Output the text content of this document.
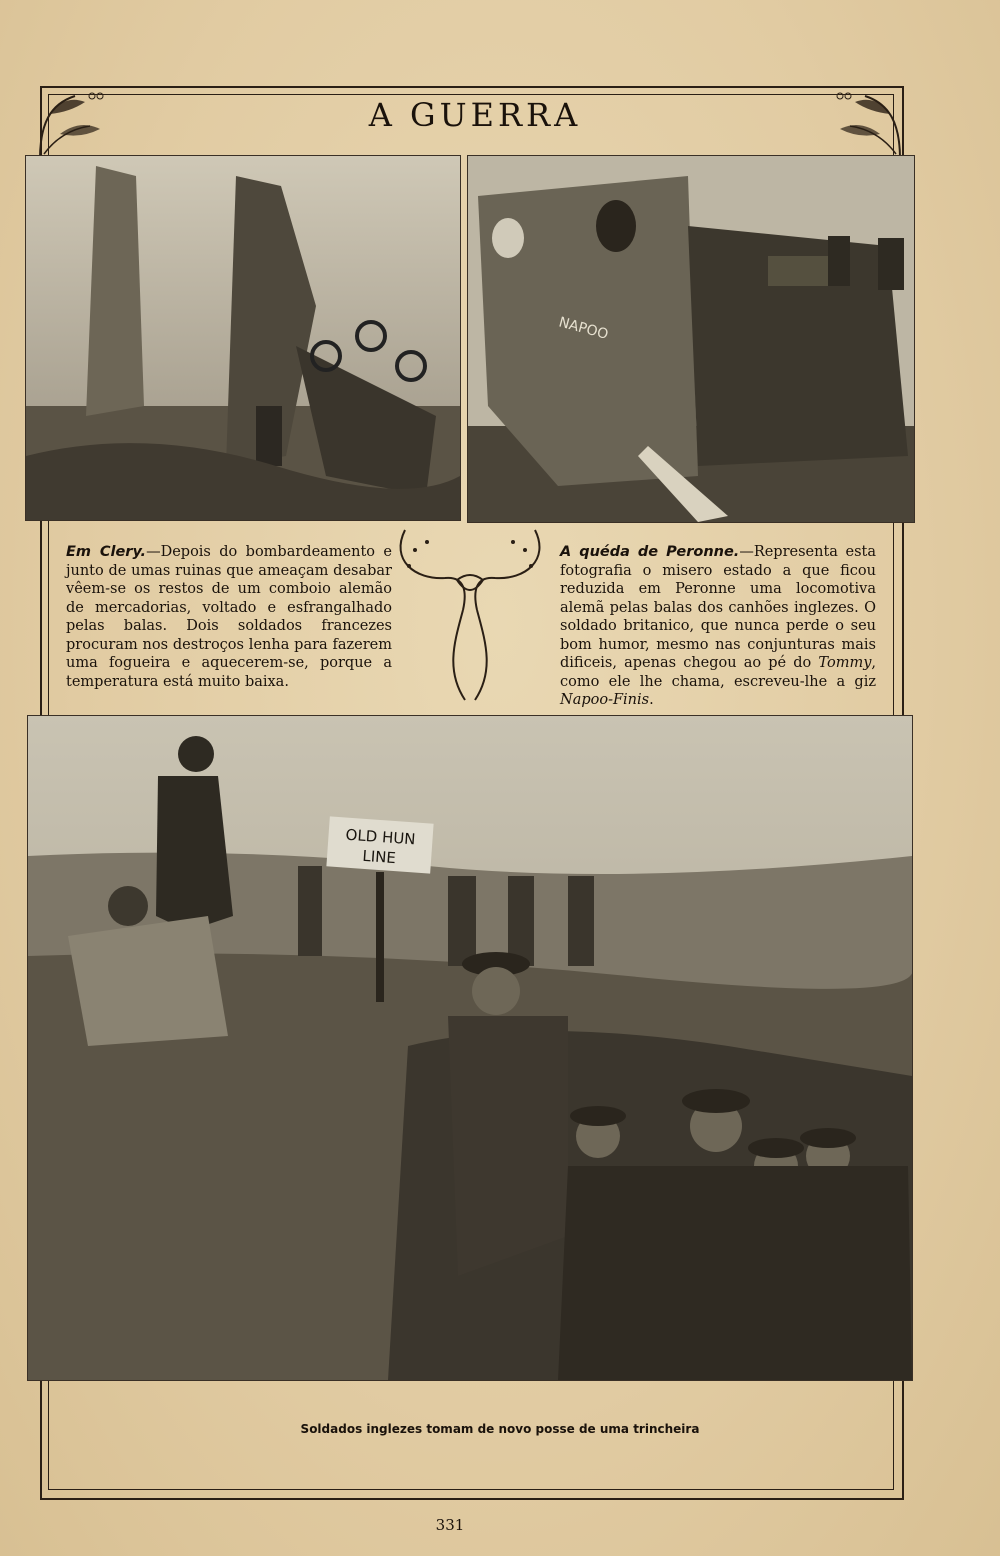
A GUERRA
NAPOO
Em Clery.—Depois do bombardeamento e junto de umas ruinas que ameaçam desabar vêem-se os restos de um comboio alemão de mercadorias, voltado e esfrangalhado pelas balas. Dois soldados francezes procuram nos destroços lenha para fazerem uma fogueira e aquecerem-se, porque a temperatura está muito baixa.
A quéda de Peronne.—Representa esta fotografia o misero estado a que ficou reduzida em Peronne uma locomotiva alemã pelas balas dos canhões inglezes. O soldado britanico, que nunca perde o seu bom humor, mesmo nas conjunturas mais dificeis, apenas chegou ao pé do Tommy, como ele lhe chama, escreveu-lhe a giz Napoo-Finis.
OLD HUN
LINE
Soldados inglezes tomam de novo posse de uma trincheira
331
